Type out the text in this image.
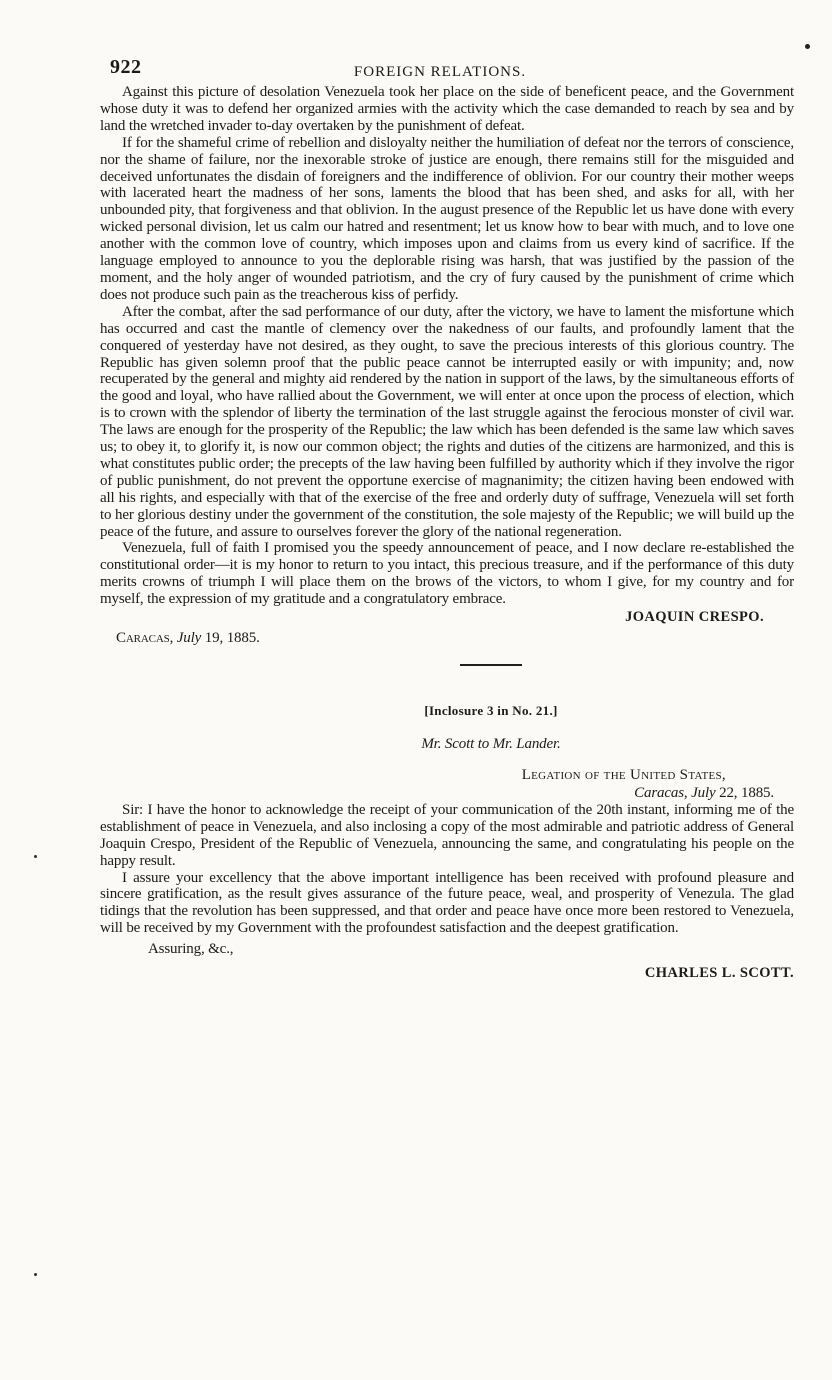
922	FOREIGN RELATIONS.

Against this picture of desolation Venezuela took her place on the side of beneficent peace, and the Government whose duty it was to defend her organized armies with the activity which the case demanded to reach by sea and by land the wretched invader to-day overtaken by the punishment of defeat.

If for the shameful crime of rebellion and disloyalty neither the humiliation of defeat nor the terrors of conscience, nor the shame of failure, nor the inexorable stroke of justice are enough, there remains still for the misguided and deceived unfortunates the disdain of foreigners and the indifference of oblivion. For our country their mother weeps with lacerated heart the madness of her sons, laments the blood that has been shed, and asks for all, with her unbounded pity, that forgiveness and that oblivion. In the august presence of the Republic let us have done with every wicked personal division, let us calm our hatred and resentment; let us know how to bear with much, and to love one another with the common love of country, which imposes upon and claims from us every kind of sacrifice. If the language employed to announce to you the deplorable rising was harsh, that was justified by the passion of the moment, and the holy anger of wounded patriotism, and the cry of fury caused by the punishment of crime which does not produce such pain as the treacherous kiss of perfidy.

After the combat, after the sad performance of our duty, after the victory, we have to lament the misfortune which has occurred and cast the mantle of clemency over the nakedness of our faults, and profoundly lament that the conquered of yesterday have not desired, as they ought, to save the precious interests of this glorious country. The Republic has given solemn proof that the public peace cannot be interrupted easily or with impunity; and, now recuperated by the general and mighty aid rendered by the nation in support of the laws, by the simultaneous efforts of the good and loyal, who have rallied about the Government, we will enter at once upon the process of election, which is to crown with the splendor of liberty the termination of the last struggle against the ferocious monster of civil war. The laws are enough for the prosperity of the Republic; the law which has been defended is the same law which saves us; to obey it, to glorify it, is now our common object; the rights and duties of the citizens are harmonized, and this is what constitutes public order; the precepts of the law having been fulfilled by authority which if they involve the rigor of public punishment, do not prevent the opportune exercise of magnanimity; the citizen having been endowed with all his rights, and especially with that of the exercise of the free and orderly duty of suffrage, Venezuela will set forth to her glorious destiny under the government of the constitution, the sole majesty of the Republic; we will build up the peace of the future, and assure to ourselves forever the glory of the national regeneration.

Venezuela, full of faith I promised you the speedy announcement of peace, and I now declare re-established the constitutional order—it is my honor to return to you intact, this precious treasure, and if the performance of this duty merits crowns of triumph I will place them on the brows of the victors, to whom I give, for my country and for myself, the expression of my gratitude and a congratulatory embrace.

JOAQUIN CRESPO.
Caracas, July 19, 1885.
[Inclosure 3 in No. 21.]
Mr. Scott to Mr. Lander.
Legation of the United States,
Caracas, July 22, 1885.

Sir: I have the honor to acknowledge the receipt of your communication of the 20th instant, informing me of the establishment of peace in Venezuela, and also inclosing a copy of the most admirable and patriotic address of General Joaquin Crespo, President of the Republic of Venezuela, announcing the same, and congratulating his people on the happy result.

I assure your excellency that the above important intelligence has been received with profound pleasure and sincere gratification, as the result gives assurance of the future peace, weal, and prosperity of Venezula. The glad tidings that the revolution has been suppressed, and that order and peace have once more been restored to Venezuela, will be received by my Government with the profoundest satisfaction and the deepest gratification.

Assuring, &c.,
CHARLES L. SCOTT.
